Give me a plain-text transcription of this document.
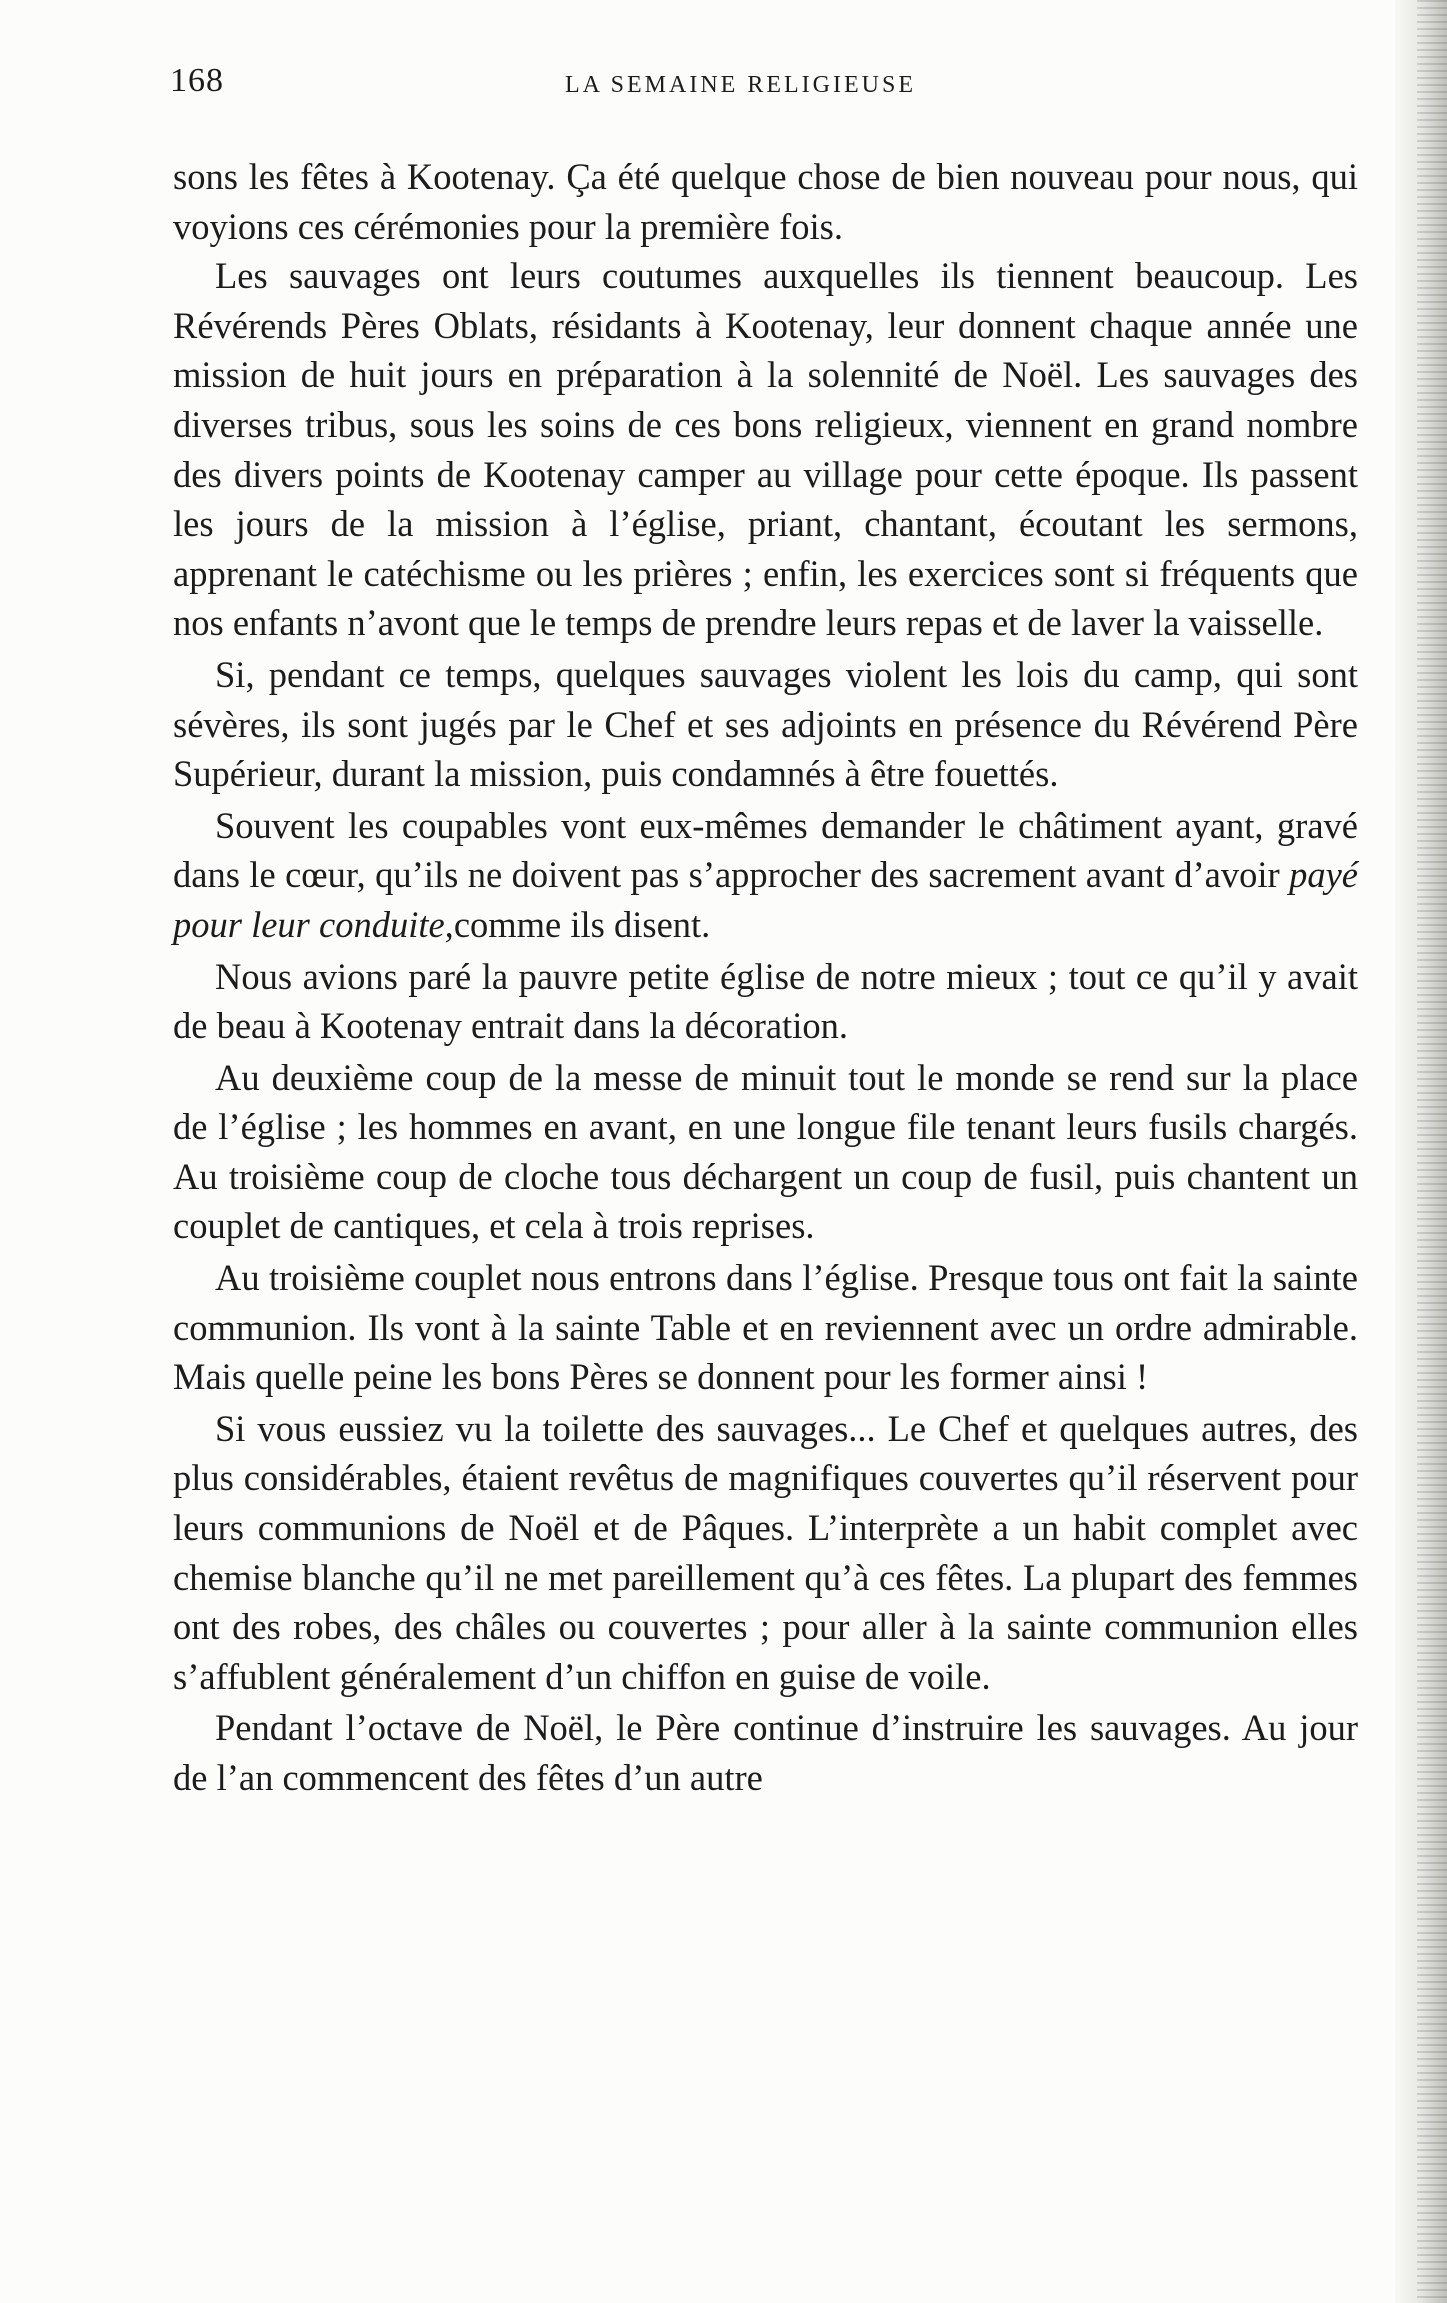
168	LA SEMAINE RELIGIEUSE

sons les fêtes à Kootenay. Ça été quelque chose de bien nouveau pour nous, qui voyions ces cérémonies pour la première fois.

Les sauvages ont leurs coutumes auxquelles ils tiennent beaucoup. Les Révérends Pères Oblats, résidants à Kootenay, leur donnent chaque année une mission de huit jours en préparation à la solennité de Noël. Les sauvages des diverses tribus, sous les soins de ces bons religieux, viennent en grand nombre des divers points de Kootenay camper au village pour cette époque. Ils passent les jours de la mission à l’église, priant, chantant, écoutant les sermons, apprenant le catéchisme ou les prières ; enfin, les exercices sont si fréquents que nos enfants n’avont que le temps de prendre leurs repas et de laver la vaisselle.

Si, pendant ce temps, quelques sauvages violent les lois du camp, qui sont sévères, ils sont jugés par le Chef et ses adjoints en présence du Révérend Père Supérieur, durant la mission, puis condamnés à être fouettés.

Souvent les coupables vont eux-mêmes demander le châtiment ayant, gravé dans le cœur, qu’ils ne doivent pas s’approcher des sacrement avant d’avoir payé pour leur conduite,comme ils disent.

Nous avions paré la pauvre petite église de notre mieux ; tout ce qu’il y avait de beau à Kootenay entrait dans la décoration.

Au deuxième coup de la messe de minuit tout le monde se rend sur la place de l’église ; les hommes en avant, en une longue file tenant leurs fusils chargés. Au troisième coup de cloche tous déchargent un coup de fusil, puis chantent un couplet de cantiques, et cela à trois reprises.

Au troisième couplet nous entrons dans l’église. Presque tous ont fait la sainte communion. Ils vont à la sainte Table et en reviennent avec un ordre admirable. Mais quelle peine les bons Pères se donnent pour les former ainsi !

Si vous eussiez vu la toilette des sauvages... Le Chef et quelques autres, des plus considérables, étaient revêtus de magnifiques couvertes qu’il réservent pour leurs communions de Noël et de Pâques. L’interprète a un habit complet avec chemise blanche qu’il ne met pareillement qu’à ces fêtes. La plupart des femmes ont des robes, des châles ou couvertes ; pour aller à la sainte communion elles s’affublent généralement d’un chiffon en guise de voile.

Pendant l’octave de Noël, le Père continue d’instruire les sauvages. Au jour de l’an commencent des fêtes d’un autre
